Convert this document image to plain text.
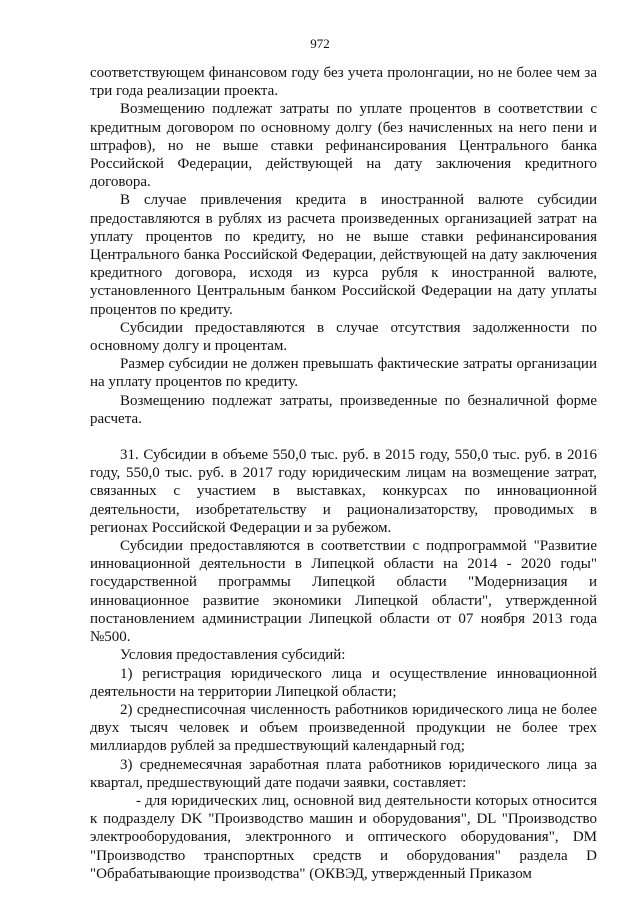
972

соответствующем финансовом году без учета пролонгации, но не более чем за три года реализации проекта.

Возмещению подлежат затраты по уплате процентов в соответствии с кредитным договором по основному долгу (без начисленных на него пени и штрафов), но не выше ставки рефинансирования Центрального банка Российской Федерации, действующей на дату заключения кредитного договора.

В случае привлечения кредита в иностранной валюте субсидии предоставляются в рублях из расчета произведенных организацией затрат на уплату процентов по кредиту, но не выше ставки рефинансирования Центрального банка Российской Федерации, действующей на дату заключения кредитного договора, исходя из курса рубля к иностранной валюте, установленного Центральным банком Российской Федерации на дату уплаты процентов по кредиту.

Субсидии предоставляются в случае отсутствия задолженности по основному долгу и процентам.

Размер субсидии не должен превышать фактические затраты организации на уплату процентов по кредиту.

Возмещению подлежат затраты, произведенные по безналичной форме расчета.

31. Субсидии в объеме 550,0 тыс. руб. в 2015 году, 550,0 тыс. руб. в 2016 году, 550,0 тыс. руб. в 2017 году юридическим лицам на возмещение затрат, связанных с участием в выставках, конкурсах по инновационной деятельности, изобретательству и рационализаторству, проводимых в регионах Российской Федерации и за рубежом.

Субсидии предоставляются в соответствии с подпрограммой "Развитие инновационной деятельности в Липецкой области на 2014 - 2020 годы" государственной программы Липецкой области "Модернизация и инновационное развитие экономики Липецкой области", утвержденной постановлением администрации Липецкой области от 07 ноября 2013 года №500.

Условия предоставления субсидий:

1) регистрация юридического лица и осуществление инновационной деятельности на территории Липецкой области;

2) среднесписочная численность работников юридического лица не более двух тысяч человек и объем произведенной продукции не более трех миллиардов рублей за предшествующий календарный год;

3) среднемесячная заработная плата работников юридического лица за квартал, предшествующий дате подачи заявки, составляет:

- для юридических лиц, основной вид деятельности которых относится к подразделу DK "Производство машин и оборудования", DL "Производство электрооборудования, электронного и оптического оборудования", DM "Производство транспортных средств и оборудования" раздела D "Обрабатывающие производства" (ОКВЭД, утвержденный Приказом
